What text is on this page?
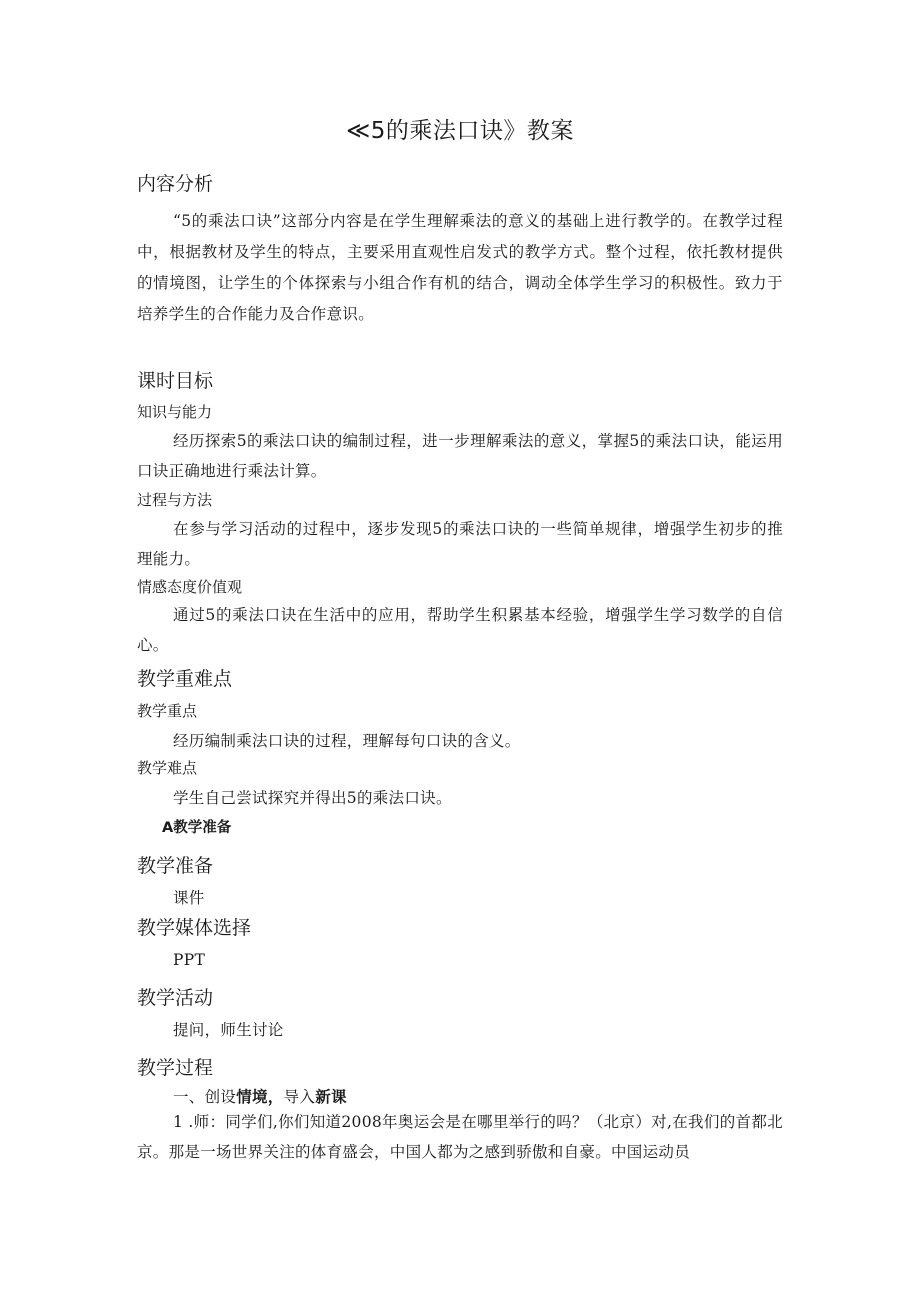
≪5的乘法口诀》教案
内容分析
“5的乘法口诀”这部分内容是在学生理解乘法的意义的基础上进行教学的。在教学过程中，根据教材及学生的特点，主要采用直观性启发式的教学方式。整个过程，依托教材提供的情境图，让学生的个体探索与小组合作有机的结合，调动全体学生学习的积极性。致力于培养学生的合作能力及合作意识。
课时目标
知识与能力
经历探索5的乘法口诀的编制过程，进一步理解乘法的意义，掌握5的乘法口诀，能运用口诀正确地进行乘法计算。
过程与方法
在参与学习活动的过程中，逐步发现5的乘法口诀的一些简单规律，增强学生初步的推理能力。
情感态度价值观
通过5的乘法口诀在生活中的应用，帮助学生积累基本经验，增强学生学习数学的自信心。
教学重难点
教学重点
经历编制乘法口诀的过程，理解每句口诀的含义。
教学难点
学生自己尝试探究并得出5的乘法口诀。
A教学准备
教学准备
课件
教学媒体选择
PPT
教学活动
提问，师生讨论
教学过程
一、创设情境，导入新课
1 .师：同学们,你们知道2008年奥运会是在哪里举行的吗？（北京）对,在我们的首都北京。那是一场世界关注的体育盛会，中国人都为之感到骄傲和自豪。中国运动员
